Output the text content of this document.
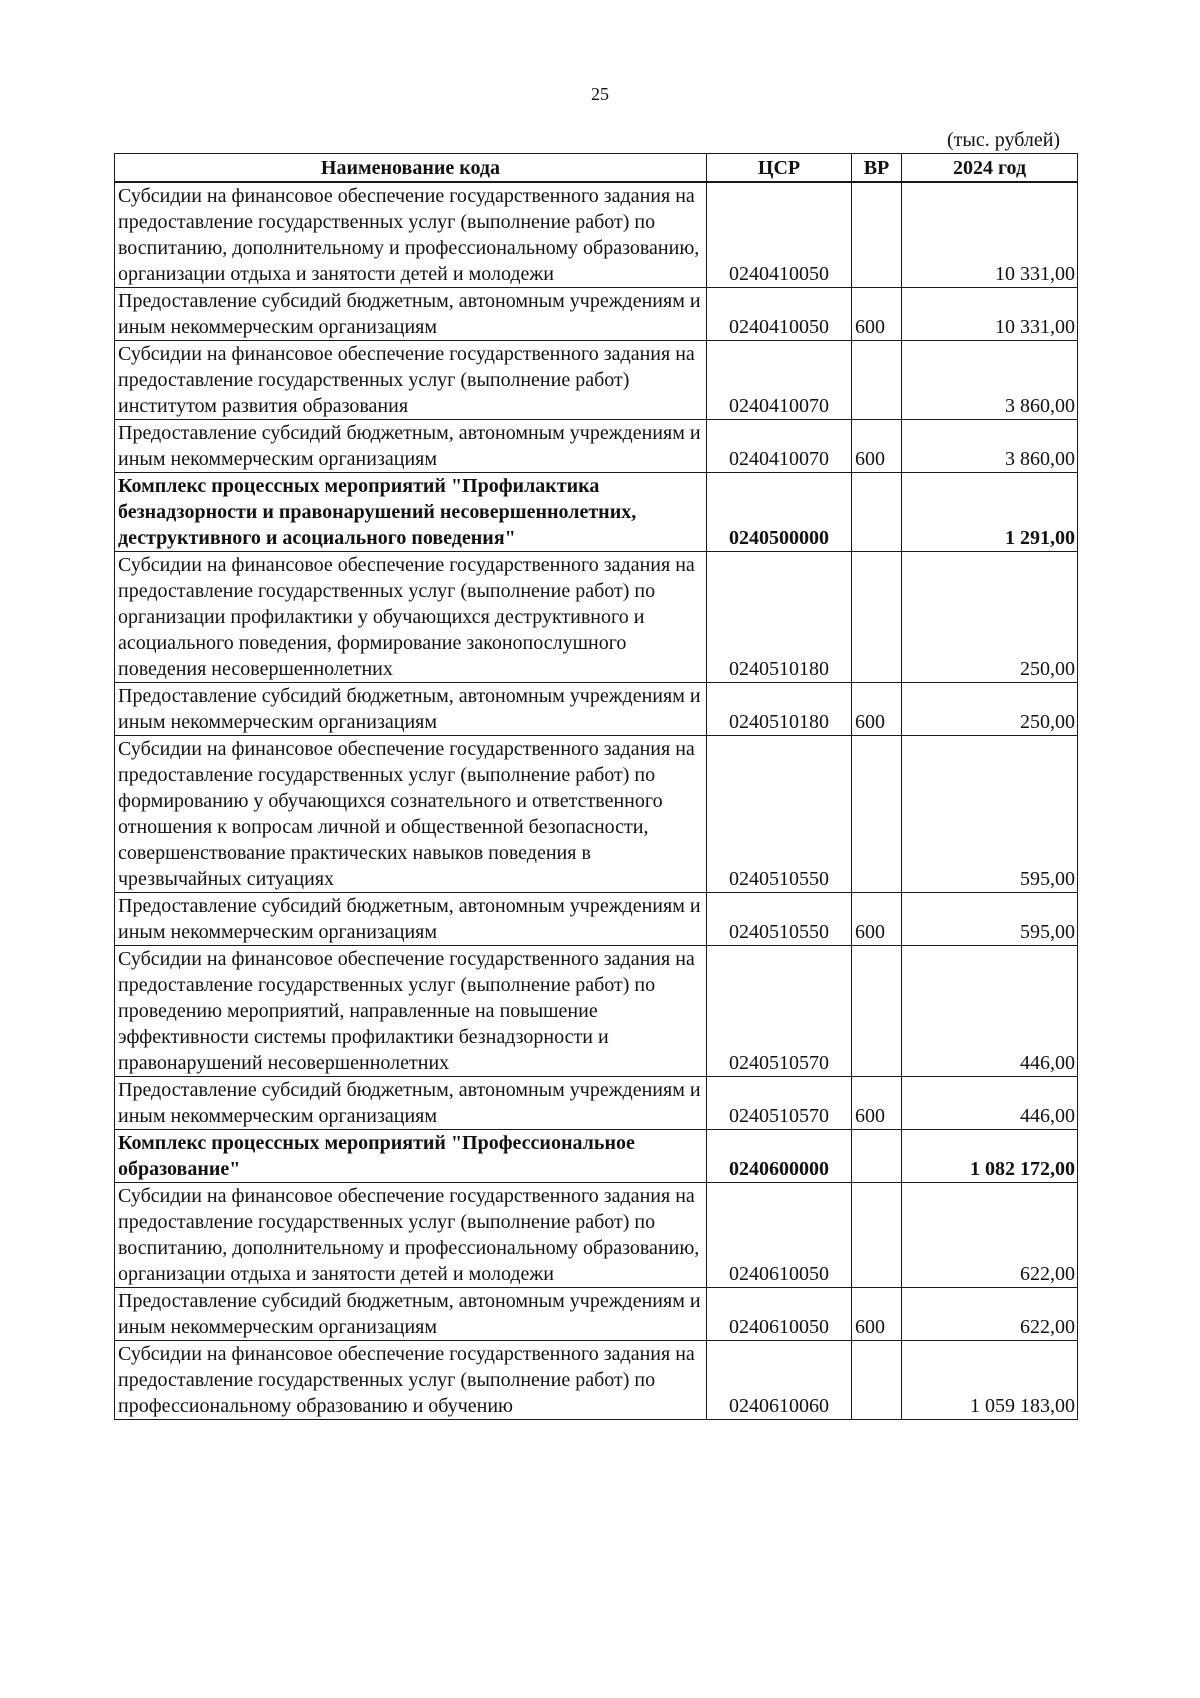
25
(тыс. рублей)
Наименование кода	ЦСР	ВР	2024 год
Субсидии на финансовое обеспечение государственного задания на предоставление государственных услуг (выполнение работ) по воспитанию, дополнительному и профессиональному образованию, организации отдыха и занятости детей и молодежи	0240410050		10 331,00
Предоставление субсидий бюджетным, автономным учреждениям и иным некоммерческим организациям	0240410050	600	10 331,00
Субсидии на финансовое обеспечение государственного задания на предоставление государственных услуг (выполнение работ) институтом развития образования	0240410070		3 860,00
Предоставление субсидий бюджетным, автономным учреждениям и иным некоммерческим организациям	0240410070	600	3 860,00
Комплекс процессных мероприятий "Профилактика безнадзорности и правонарушений несовершеннолетних, деструктивного и асоциального поведения"	0240500000		1 291,00
Субсидии на финансовое обеспечение государственного задания на предоставление государственных услуг (выполнение работ) по организации профилактики у обучающихся деструктивного и асоциального поведения, формирование законопослушного поведения несовершеннолетних	0240510180		250,00
Предоставление субсидий бюджетным, автономным учреждениям и иным некоммерческим организациям	0240510180	600	250,00
Субсидии на финансовое обеспечение государственного задания на предоставление государственных услуг (выполнение работ) по формированию у обучающихся сознательного и ответственного отношения к вопросам личной и общественной безопасности, совершенствование практических навыков поведения в чрезвычайных ситуациях	0240510550		595,00
Предоставление субсидий бюджетным, автономным учреждениям и иным некоммерческим организациям	0240510550	600	595,00
Субсидии на финансовое обеспечение государственного задания на предоставление государственных услуг (выполнение работ) по проведению мероприятий, направленные на повышение эффективности системы профилактики безнадзорности и правонарушений несовершеннолетних	0240510570		446,00
Предоставление субсидий бюджетным, автономным учреждениям и иным некоммерческим организациям	0240510570	600	446,00
Комплекс процессных мероприятий "Профессиональное образование"	0240600000		1 082 172,00
Субсидии на финансовое обеспечение государственного задания на предоставление государственных услуг (выполнение работ) по воспитанию, дополнительному и профессиональному образованию, организации отдыха и занятости детей и молодежи	0240610050		622,00
Предоставление субсидий бюджетным, автономным учреждениям и иным некоммерческим организациям	0240610050	600	622,00
Субсидии на финансовое обеспечение государственного задания на предоставление государственных услуг (выполнение работ) по профессиональному образованию и обучению	0240610060		1 059 183,00
